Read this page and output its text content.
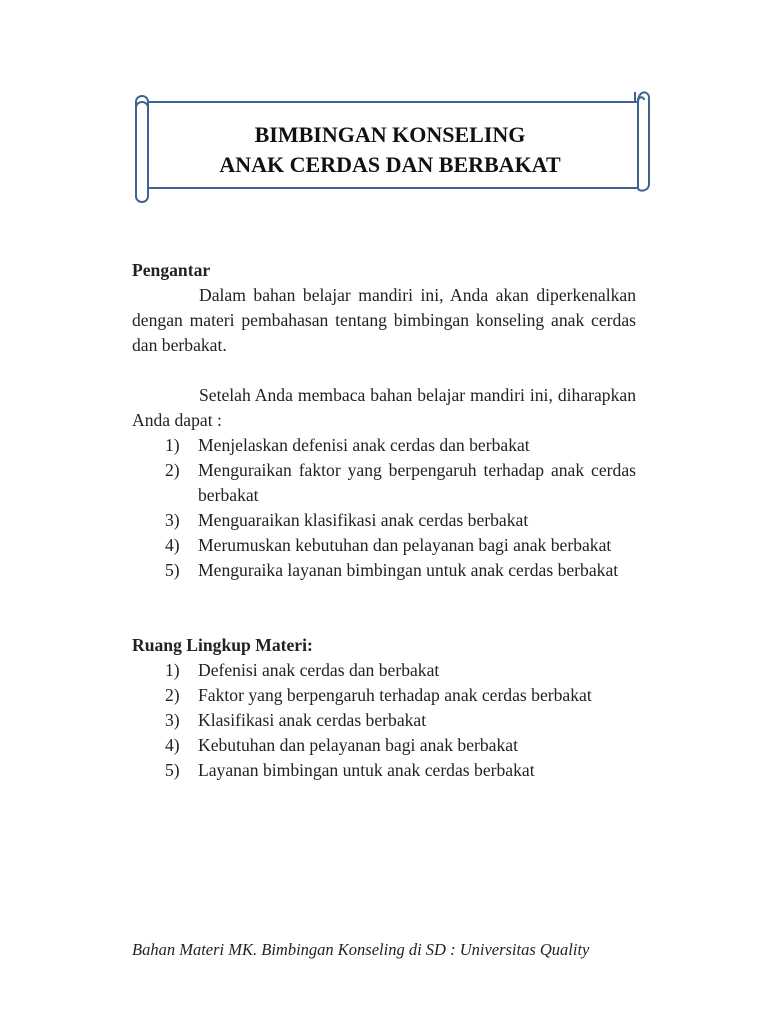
BIMBINGAN KONSELING
ANAK CERDAS DAN BERBAKAT
Pengantar

Dalam bahan belajar mandiri ini, Anda akan diperkenalkan dengan materi pembahasan tentang bimbingan konseling anak cerdas dan berbakat.

Setelah Anda membaca bahan belajar mandiri ini, diharapkan Anda dapat :

1) Menjelaskan defenisi anak cerdas dan berbakat
2) Menguraikan faktor yang berpengaruh terhadap anak cerdas berbakat
3) Menguaraikan klasifikasi anak cerdas berbakat
4) Merumuskan kebutuhan dan pelayanan bagi anak berbakat
5) Menguraika layanan bimbingan untuk anak cerdas berbakat
Ruang Lingkup Materi:
1) Defenisi anak cerdas dan berbakat
2) Faktor yang berpengaruh terhadap anak cerdas berbakat
3) Klasifikasi anak cerdas berbakat
4) Kebutuhan dan pelayanan bagi anak berbakat
5) Layanan bimbingan untuk anak cerdas berbakat
Bahan Materi MK. Bimbingan Konseling di SD : Universitas Quality
